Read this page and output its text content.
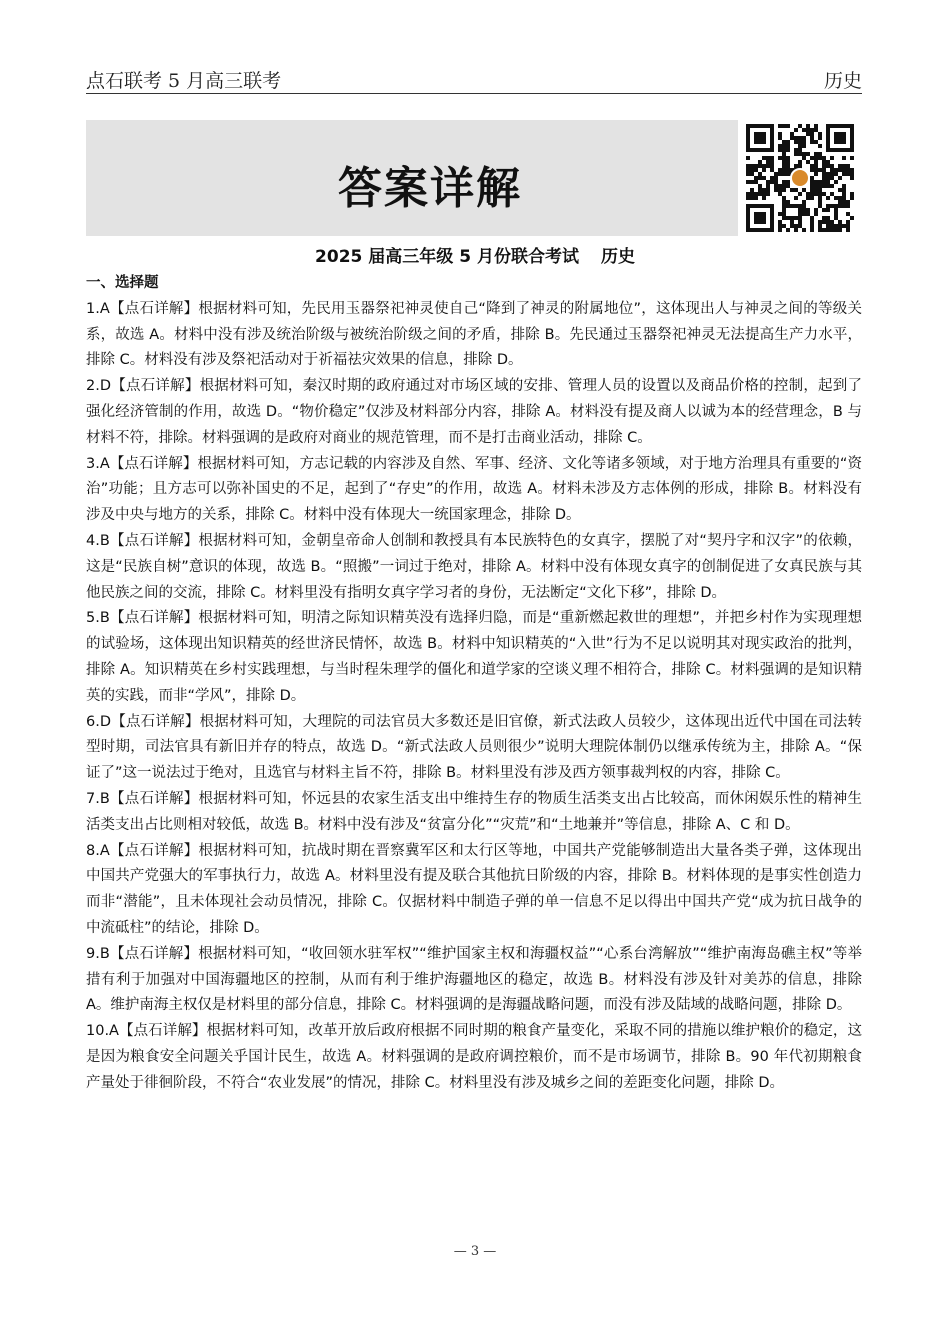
点石联考 5 月高三联考	历史
答案详解
2025 届高三年级 5 月份联合考试 历史

一、选择题

1.A【点石详解】根据材料可知，先民用玉器祭祀神灵使自己“降到了神灵的附属地位”，这体现出人与神灵之间的等级关系，故选 A。材料中没有涉及统治阶级与被统治阶级之间的矛盾，排除 B。先民通过玉器祭祀神灵无法提高生产力水平，排除 C。材料没有涉及祭祀活动对于祈福祛灾效果的信息，排除 D。

2.D【点石详解】根据材料可知，秦汉时期的政府通过对市场区域的安排、管理人员的设置以及商品价格的控制，起到了强化经济管制的作用，故选 D。“物价稳定”仅涉及材料部分内容，排除 A。材料没有提及商人以诚为本的经营理念，B 与材料不符，排除。材料强调的是政府对商业的规范管理，而不是打击商业活动，排除 C。

3.A【点石详解】根据材料可知，方志记载的内容涉及自然、军事、经济、文化等诸多领域，对于地方治理具有重要的“资治”功能；且方志可以弥补国史的不足，起到了“存史”的作用，故选 A。材料未涉及方志体例的形成，排除 B。材料没有涉及中央与地方的关系，排除 C。材料中没有体现大一统国家理念，排除 D。

4.B【点石详解】根据材料可知，金朝皇帝命人创制和教授具有本民族特色的女真字，摆脱了对“契丹字和汉字”的依赖，这是“民族自树”意识的体现，故选 B。“照搬”一词过于绝对，排除 A。材料中没有体现女真字的创制促进了女真民族与其他民族之间的交流，排除 C。材料里没有指明女真字学习者的身份，无法断定“文化下移”，排除 D。

5.B【点石详解】根据材料可知，明清之际知识精英没有选择归隐，而是“重新燃起救世的理想”，并把乡村作为实现理想的试验场，这体现出知识精英的经世济民情怀，故选 B。材料中知识精英的“入世”行为不足以说明其对现实政治的批判，排除 A。知识精英在乡村实践理想，与当时程朱理学的僵化和道学家的空谈义理不相符合，排除 C。材料强调的是知识精英的实践，而非“学风”，排除 D。

6.D【点石详解】根据材料可知，大理院的司法官员大多数还是旧官僚，新式法政人员较少，这体现出近代中国在司法转型时期，司法官具有新旧并存的特点，故选 D。“新式法政人员则很少”说明大理院体制仍以继承传统为主，排除 A。“保证了”这一说法过于绝对，且选官与材料主旨不符，排除 B。材料里没有涉及西方领事裁判权的内容，排除 C。

7.B【点石详解】根据材料可知，怀远县的农家生活支出中维持生存的物质生活类支出占比较高，而休闲娱乐性的精神生活类支出占比则相对较低，故选 B。材料中没有涉及“贫富分化”“灾荒”和“土地兼并”等信息，排除 A、C 和 D。

8.A【点石详解】根据材料可知，抗战时期在晋察冀军区和太行区等地，中国共产党能够制造出大量各类子弹，这体现出中国共产党强大的军事执行力，故选 A。材料里没有提及联合其他抗日阶级的内容，排除 B。材料体现的是事实性创造力而非“潜能”，且未体现社会动员情况，排除 C。仅据材料中制造子弹的单一信息不足以得出中国共产党“成为抗日战争的中流砥柱”的结论，排除 D。

9.B【点石详解】根据材料可知，“收回领水驻军权”“维护国家主权和海疆权益”“心系台湾解放”“维护南海岛礁主权”等举措有利于加强对中国海疆地区的控制，从而有利于维护海疆地区的稳定，故选 B。材料没有涉及针对美苏的信息，排除 A。维护南海主权仅是材料里的部分信息，排除 C。材料强调的是海疆战略问题，而没有涉及陆域的战略问题，排除 D。

10.A【点石详解】根据材料可知，改革开放后政府根据不同时期的粮食产量变化，采取不同的措施以维护粮价的稳定，这是因为粮食安全问题关乎国计民生，故选 A。材料强调的是政府调控粮价，而不是市场调节，排除 B。90 年代初期粮食产量处于徘徊阶段，不符合“农业发展”的情况，排除 C。材料里没有涉及城乡之间的差距变化问题，排除 D。

— 3 —
